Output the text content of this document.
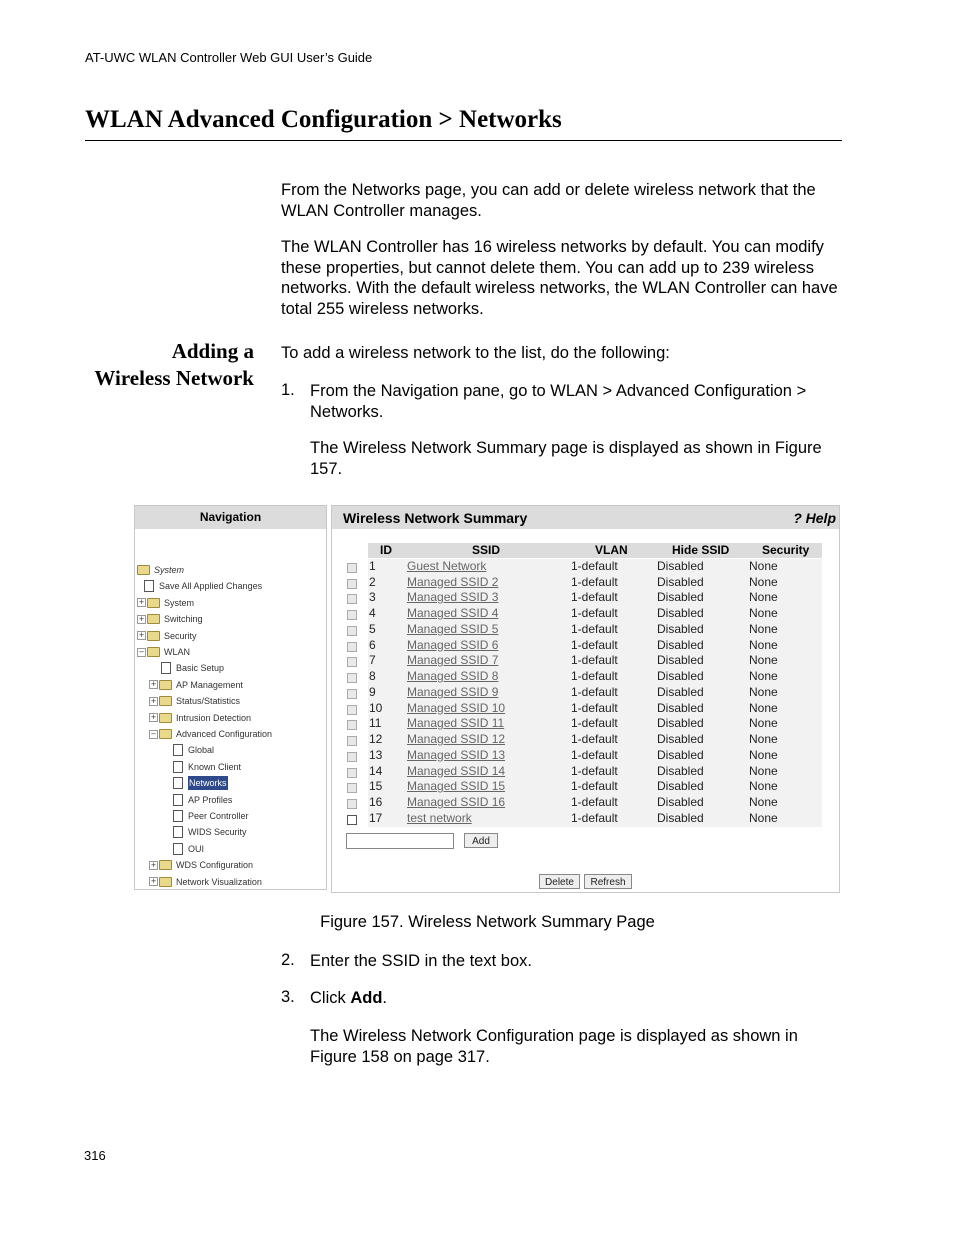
AT-UWC WLAN Controller Web GUI User’s Guide
WLAN Advanced Configuration > Networks

From the Networks page, you can add or delete wireless network that the WLAN Controller manages.

The WLAN Controller has 16 wireless networks by default. You can modify these properties, but cannot delete them. You can add up to 239 wireless networks. With the default wireless networks, the WLAN Controller can have total 255 wireless networks.

Adding a
Wireless Network

To add a wireless network to the list, do the following:

1. From the Navigation pane, go to WLAN > Advanced Configuration > Networks.

The Wireless Network Summary page is displayed as shown in Figure 157.

Navigation
System
Save All Applied Changes
+ System
+ Switching
+ Security
− WLAN
Basic Setup
+ AP Management
+ Status/Statistics
+ Intrusion Detection
− Advanced Configuration
Global
Known Client
Networks
AP Profiles
Peer Controller
WIDS Security
OUI
+ WDS Configuration
+ Network Visualization
Wireless Network Summary	? Help
ID	SSID	VLAN	Hide SSID	Security
1	Guest Network	1-default	Disabled	None
2	Managed SSID 2	1-default	Disabled	None
3	Managed SSID 3	1-default	Disabled	None
4	Managed SSID 4	1-default	Disabled	None
5	Managed SSID 5	1-default	Disabled	None
6	Managed SSID 6	1-default	Disabled	None
7	Managed SSID 7	1-default	Disabled	None
8	Managed SSID 8	1-default	Disabled	None
9	Managed SSID 9	1-default	Disabled	None
10 Managed SSID 10	1-default	Disabled	None
11 Managed SSID 11	1-default	Disabled	None
12 Managed SSID 12	1-default	Disabled	None
13 Managed SSID 13	1-default	Disabled	None
14 Managed SSID 14	1-default	Disabled	None
15 Managed SSID 15	1-default	Disabled	None
16 Managed SSID 16	1-default	Disabled	None
17 test network	1-default	Disabled	None
Add
Delete	Refresh
Figure 157. Wireless Network Summary Page
2. Enter the SSID in the text box.

3. Click Add.

The Wireless Network Configuration page is displayed as shown in Figure 158 on page 317.

316
